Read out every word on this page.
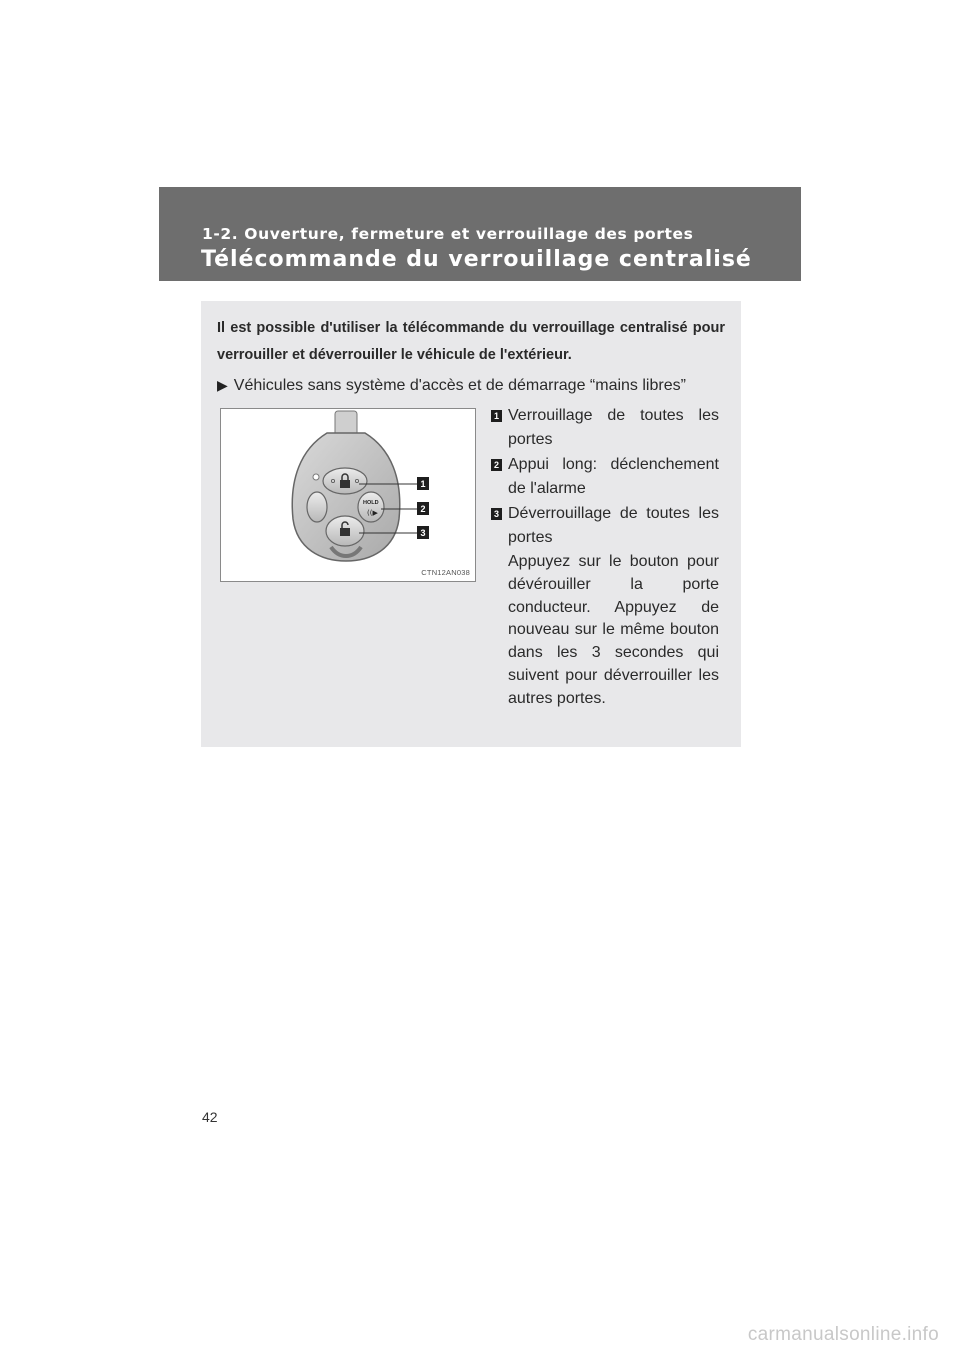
1-2. Ouverture, fermeture et verrouillage des portes
Télécommande du verrouillage centralisé
Il est possible d'utiliser la télécommande du verrouillage centralisé pour verrouiller et déverrouiller le véhicule de l'extérieur.
▶ Véhicules sans système d'accès et de démarrage “mains libres”
HOLD
((▶
1
2
3
CTN12AN038
1 Verrouillage de toutes les portes
2 Appui long: déclenchement de l'alarme
3 Déverrouillage de toutes les portes
Appuyez sur le bouton pour dévérouiller la porte conducteur. Appuyez de nouveau sur le même bouton dans les 3 secondes qui suivent pour déverrouiller les autres portes.
42
carmanualsonline.info
